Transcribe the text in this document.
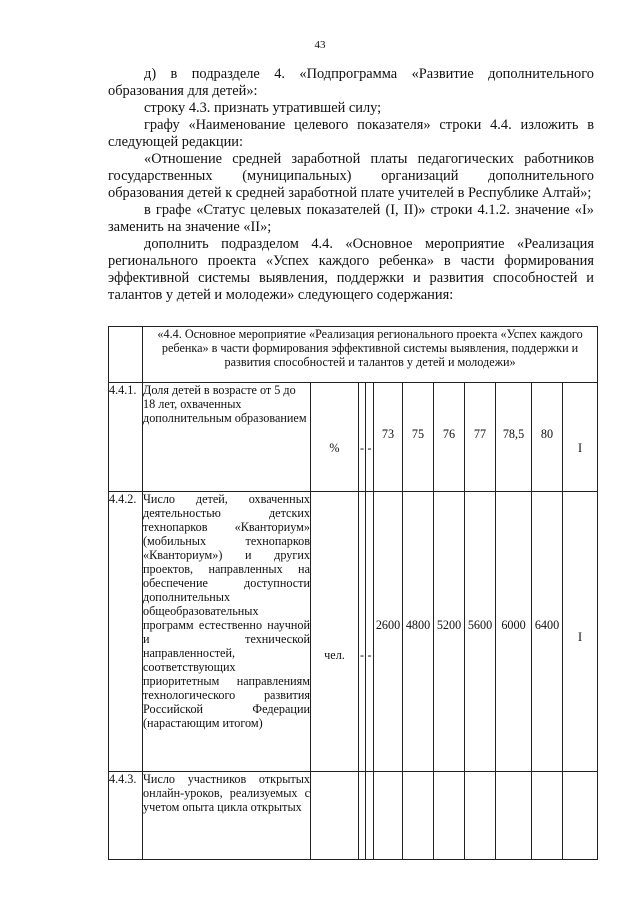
43

д) в подразделе 4. «Подпрограмма «Развитие дополнительного образования для детей»:

строку 4.3. признать утратившей силу;

графу «Наименование целевого показателя» строки 4.4. изложить в следующей редакции:

«Отношение средней заработной платы педагогических работников государственных (муниципальных) организаций дополнительного образования детей к средней заработной плате учителей в Республике Алтай»;

в графе «Статус целевых показателей (I, II)» строки 4.1.2. значение «I» заменить на значение «II»;

дополнить подразделом 4.4. «Основное мероприятие «Реализация регионального проекта «Успех каждого ребенка» в части формирования эффективной системы выявления, поддержки и развития способностей и талантов у детей и молодежи» следующего содержания:

	«4.4. Основное мероприятие «Реализация регионального проекта «Успех каждого ребенка» в части формирования эффективной системы выявления, поддержки и развития способностей и талантов у детей и молодежи»										
4.4.1.	Доля детей в возрасте от 5 до 18 лет, охваченных дополнительным образованием	%	-	-	73	75	76	77	78,5	80	I
4.4.2.	Число детей, охваченных деятельностью детских технопарков «Кванториум» (мобильных технопарков «Кванториум») и других проектов, направленных на обеспечение доступности дополнительных общеобразовательных программ естественно научной и технической направленностей, соответствующих приоритетным направлениям технологического развития Российской Федерации (нарастающим итогом)	чел.	-	-	2600	4800	5200	5600	6000	6400	I
4.4.3.	Число участников открытых онлайн-уроков, реализуемых с учетом опыта цикла открытых										
